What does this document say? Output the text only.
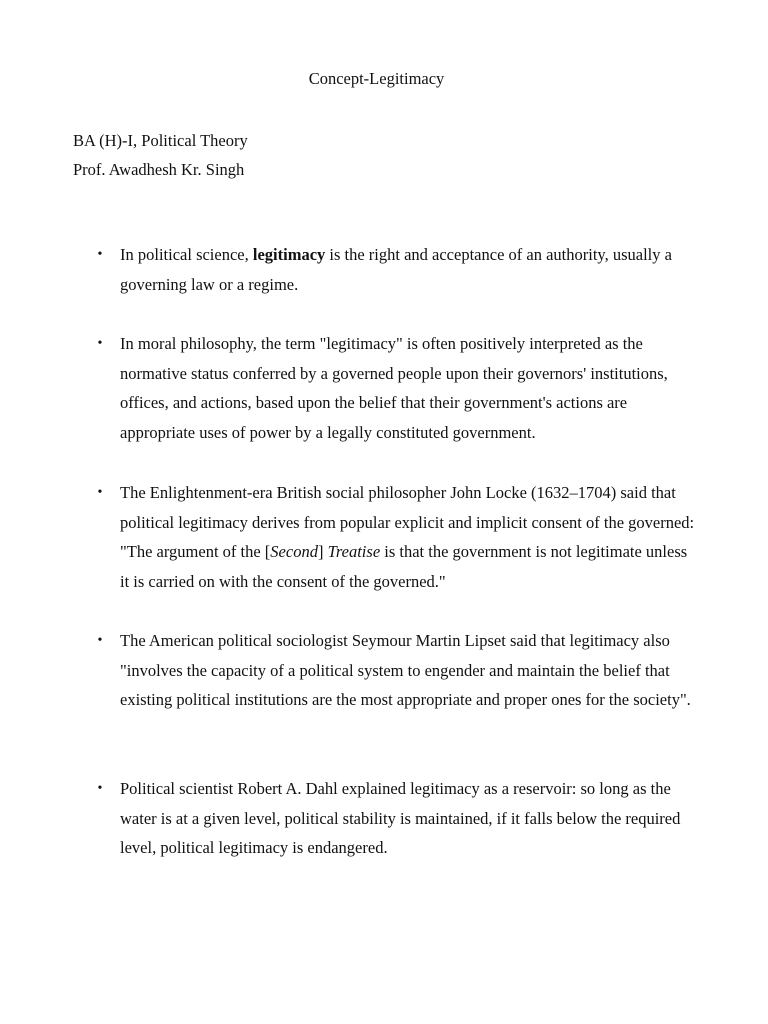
Concept-Legitimacy
BA (H)-I, Political Theory
Prof. Awadhesh Kr. Singh
• In political science, legitimacy is the right and acceptance of an authority, usually a governing law or a regime.
• In moral philosophy, the term "legitimacy" is often positively interpreted as the normative status conferred by a governed people upon their governors' institutions, offices, and actions, based upon the belief that their government's actions are appropriate uses of power by a legally constituted government.
• The Enlightenment-era British social philosopher John Locke (1632–1704) said that political legitimacy derives from popular explicit and implicit consent of the governed: "The argument of the [Second] Treatise is that the government is not legitimate unless it is carried on with the consent of the governed."
• The American political sociologist Seymour Martin Lipset said that legitimacy also "involves the capacity of a political system to engender and maintain the belief that existing political institutions are the most appropriate and proper ones for the society".
• Political scientist Robert A. Dahl explained legitimacy as a reservoir: so long as the water is at a given level, political stability is maintained, if it falls below the required level, political legitimacy is endangered.
